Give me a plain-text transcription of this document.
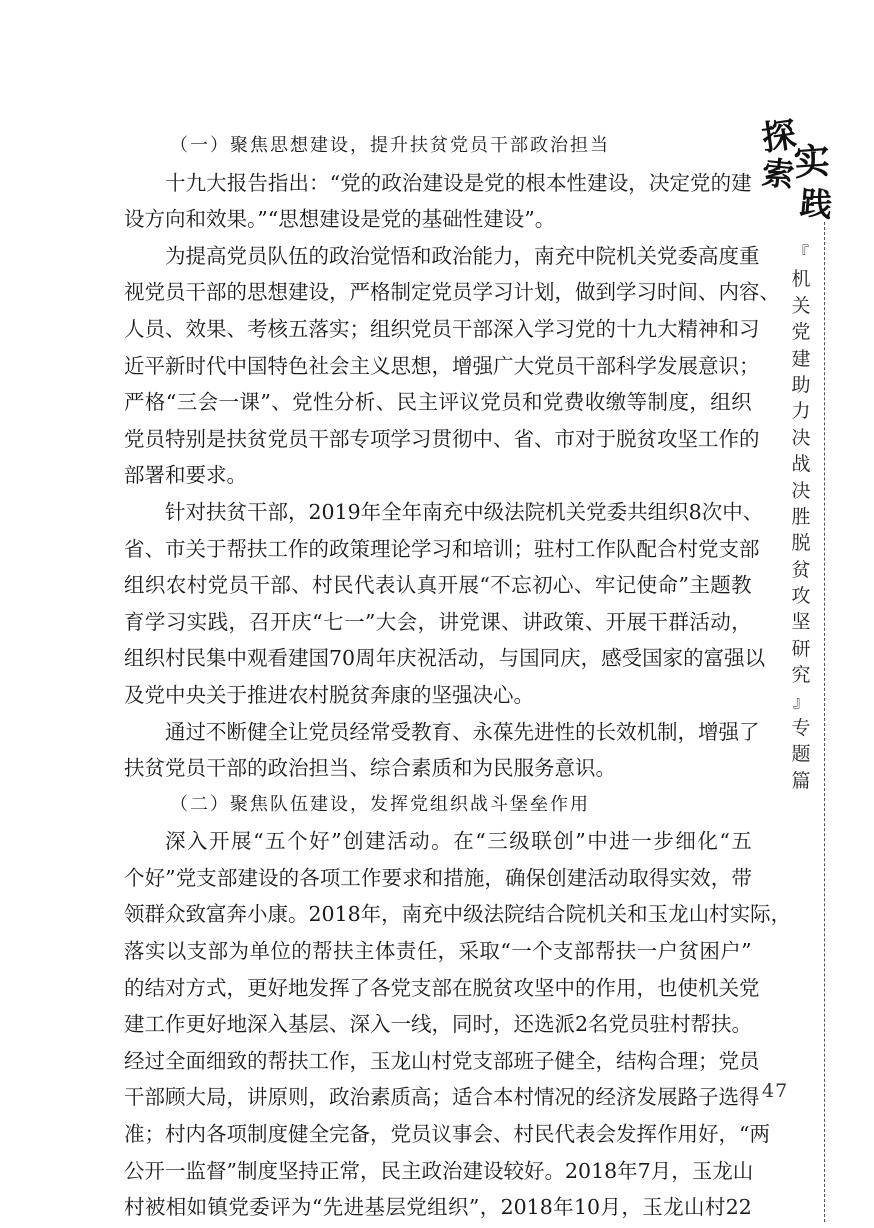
（一）聚焦思想建设，提升扶贫党员干部政治担当
十 九 大 报 告 指 出 ： “ 党 的 政 治 建 设 是 党 的 根 本 性 建 设 ， 决 定 党 的 建
设方向和效果。”“思想建设是党的基础性建设”。
为 提 高 党 员 队 伍 的 政 治 觉 悟 和 政 治 能 力 ， 南 充 中 院 机 关 党 委 高 度 重
视 党 员 干 部 的 思 想 建 设 ， 严 格 制 定 党 员 学 习 计 划 ， 做 到 学 习 时 间 、 内 容 、
人 员 、 效 果 、 考 核 五 落 实 ； 组 织 党 员 干 部 深 入 学 习 党 的 十 九 大 精 神 和 习
近 平 新 时 代 中 国 特 色 社 会 主 义 思 想 ， 增 强 广 大 党 员 干 部 科 学 发 展 意 识 ；
严 格 “ 三 会 一 课 ” 、 党 性 分 析 、 民 主 评 议 党 员 和 党 费 收 缴 等 制 度 ， 组 织
党 员 特 别 是 扶 贫 党 员 干 部 专 项 学 习 贯 彻 中 、 省 、 市 对 于 脱 贫 攻 坚 工 作 的
部署和要求。
针 对 扶 贫 干 部 ， 2019 年 全 年 南 充 中 级 法 院 机 关 党 委 共 组 织 8 次 中 、
省 、 市 关 于 帮 扶 工 作 的 政 策 理 论 学 习 和 培 训 ； 驻 村 工 作 队 配 合 村 党 支 部
组 织 农 村 党 员 干 部 、 村 民 代 表 认 真 开 展 “ 不 忘 初 心 、 牢 记 使 命 ” 主 题 教
育 学 习 实 践 ， 召 开 庆 “ 七 一 ” 大 会 ， 讲 党 课 、 讲 政 策 、 开 展 干 群 活 动 ，
组 织 村 民 集 中 观 看 建 国 70 周 年 庆 祝 活 动 ， 与 国 同 庆 ， 感 受 国 家 的 富 强 以
及党中央关于推进农村脱贫奔康的坚强决心。
通 过 不 断 健 全 让 党 员 经 常 受 教 育 、 永 葆 先 进 性 的 长 效 机 制 ， 增 强 了
扶贫党员干部的政治担当、综合素质和为民服务意识。
（二）聚焦队伍建设，发挥党组织战斗堡垒作用
深 入 开 展 “ 五 个 好 ” 创 建 活 动 。 在 “ 三 级 联 创 ” 中 进 一 步 细 化 “ 五
个 好 ” 党 支 部 建 设 的 各 项 工 作 要 求 和 措 施 ， 确 保 创 建 活 动 取 得 实 效 ， 带
领 群 众 致 富 奔 小 康 。 2018 年 ， 南 充 中 级 法 院 结 合 院 机 关 和 玉 龙 山 村 实 际 ，
落 实 以 支 部 为 单 位 的 帮 扶 主 体 责 任 ， 采 取 “ 一 个 支 部 帮 扶 一 户 贫 困 户 ”
的 结 对 方 式 ， 更 好 地 发 挥 了 各 党 支 部 在 脱 贫 攻 坚 中 的 作 用 ， 也 使 机 关 党
建 工 作 更 好 地 深 入 基 层 、 深 入 一 线 ， 同 时 ， 还 选 派 2 名 党 员 驻 村 帮 扶 。
经 过 全 面 细 致 的 帮 扶 工 作 ， 玉 龙 山 村 党 支 部 班 子 健 全 ， 结 构 合 理 ； 党 员
干 部 顾 大 局 ， 讲 原 则 ， 政 治 素 质 高 ； 适 合 本 村 情 况 的 经 济 发 展 路 子 选 得
准 ； 村 内 各 项 制 度 健 全 完 备 ， 党 员 议 事 会 、 村 民 代 表 会 发 挥 作 用 好 ， “ 两
公 开 一 监 督 ” 制 度 坚 持 正 常 ， 民 主 政 治 建 设 较 好 。 2018 年 7 月 ， 玉 龙 山
村 被 相 如 镇 党 委 评 为 “ 先 进 基 层 党 组 织 ” ， 2018 年 10 月 ， 玉 龙 山 村 22
探
索
实
践
『
机
关
党
建
助
力
决
战
决
胜
脱
贫
攻
坚
研
究
』
专
题
篇
47
